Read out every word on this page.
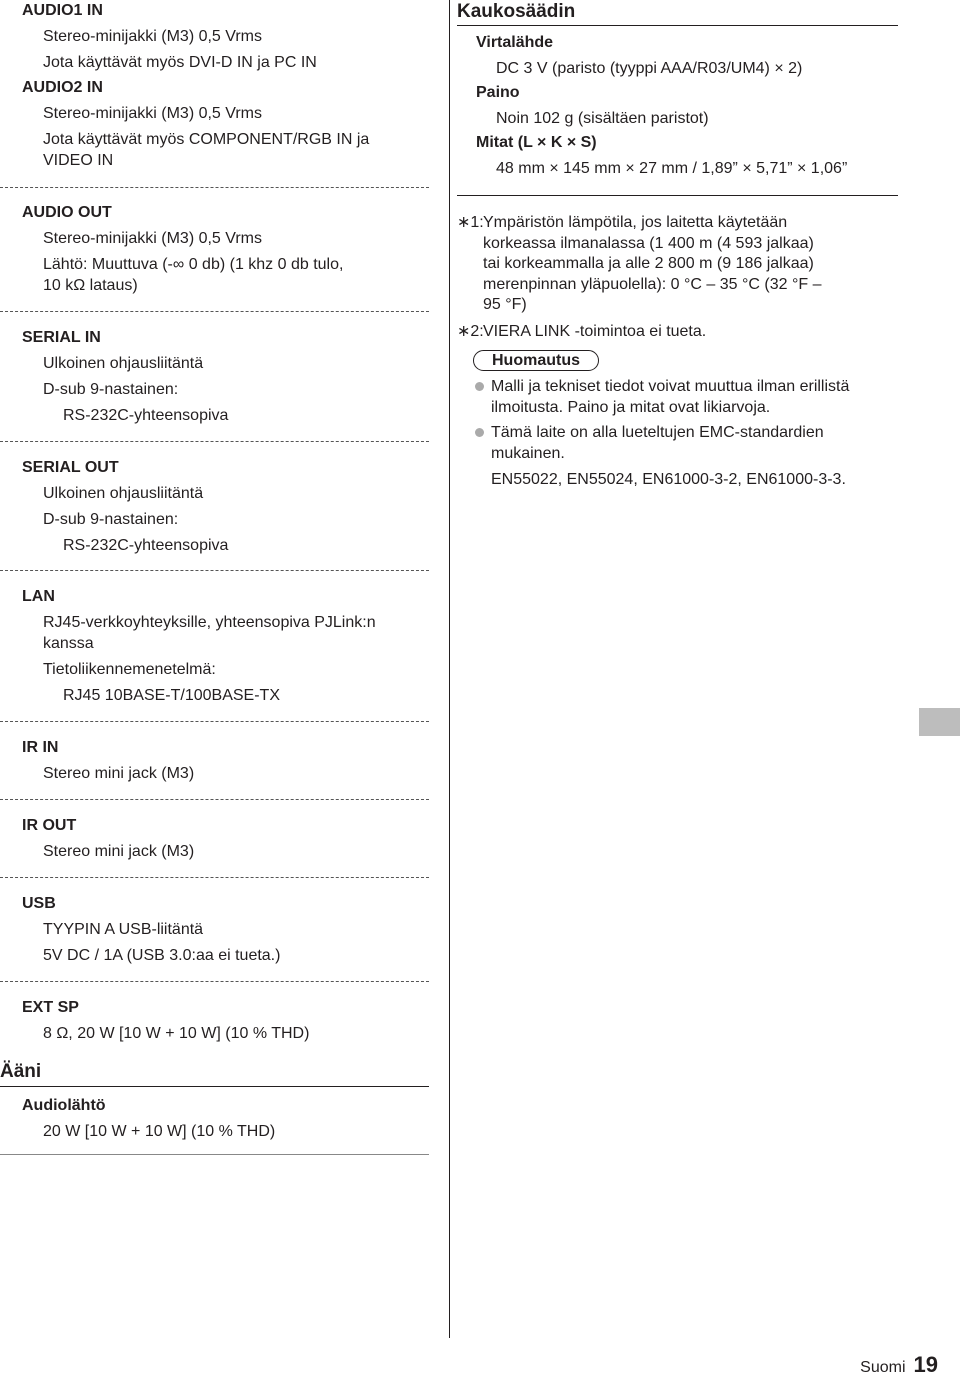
AUDIO1 IN
Stereo-minijakki (M3) 0,5 Vrms
Jota käyttävät myös DVI-D IN ja PC IN
AUDIO2 IN
Stereo-minijakki (M3) 0,5 Vrms
Jota käyttävät myös COMPONENT/RGB IN ja
VIDEO IN
AUDIO OUT
Stereo-minijakki (M3) 0,5 Vrms
Lähtö: Muuttuva (-∞ 0 db) (1 khz 0 db tulo,
10 kΩ lataus)
SERIAL IN
Ulkoinen ohjausliitäntä
D-sub 9-nastainen:
RS-232C-yhteensopiva
SERIAL OUT
Ulkoinen ohjausliitäntä
D-sub 9-nastainen:
RS-232C-yhteensopiva
LAN
RJ45-verkkoyhteyksille, yhteensopiva PJLink:n
kanssa
Tietoliikennemenetelmä:
RJ45 10BASE-T/100BASE-TX
IR IN
Stereo mini jack (M3)
IR OUT
Stereo mini jack (M3)
USB
TYYPIN A USB-liitäntä
5V DC / 1A (USB 3.0:aa ei tueta.)
EXT SP
8 Ω, 20 W [10 W + 10 W] (10 % THD)
Ääni
Audiolähtö
20 W [10 W + 10 W] (10 % THD)
Kaukosäädin
Virtalähde
DC 3 V (paristo (tyyppi AAA/R03/UM4) × 2)
Paino
Noin 102 g (sisältäen paristot)
Mitat (L × K × S)
48 mm × 145 mm × 27 mm / 1,89” × 5,71” × 1,06”
∗1: Ympäristön lämpötila, jos laitetta käytetään
korkeassa ilmanalassa (1 400 m (4 593 jalkaa)
tai korkeammalla ja alle 2 800 m (9 186 jalkaa)
merenpinnan yläpuolella): 0 °C – 35 °C (32 °F –
95 °F)
∗2: VIERA LINK -toimintoa ei tueta.
Huomautus
Malli ja tekniset tiedot voivat muuttua ilman erillistä
ilmoitusta. Paino ja mitat ovat likiarvoja.
Tämä laite on alla lueteltujen EMC-standardien
mukainen.
EN55022, EN55024, EN61000-3-2, EN61000-3-3.
Suomi 19
